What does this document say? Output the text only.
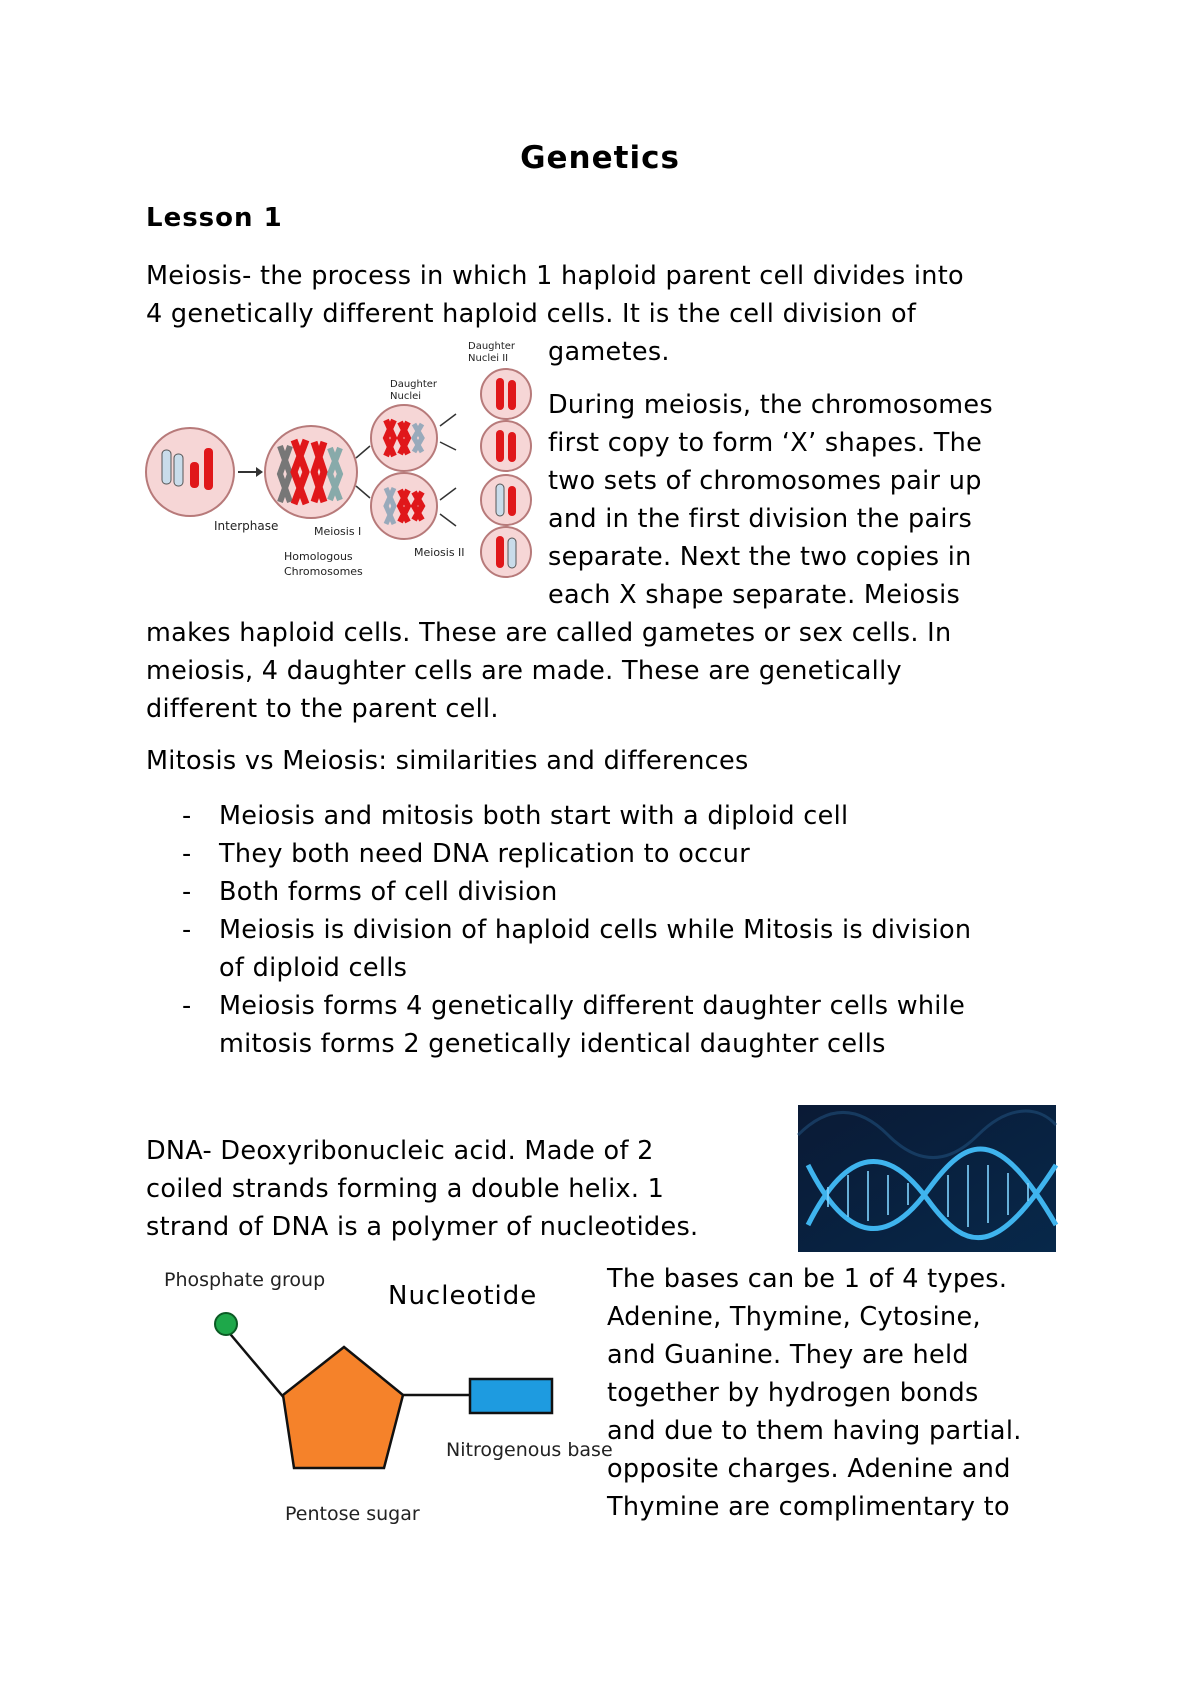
Genetics
Lesson 1
Meiosis- the process in which 1 haploid parent cell divides into
4 genetically different haploid cells. It is the cell division of
gametes.
Interphase	Meiosis I
Meiosis II
Homologous
Chromosomes
Daughter
Nuclei
Daughter
Nuclei II
During meiosis, the chromosomes
first copy to form ‘X’ shapes. The
two sets of chromosomes pair up
and in the first division the pairs
separate. Next the two copies in
each X shape separate. Meiosis
makes haploid cells. These are called gametes or sex cells. In
meiosis, 4 daughter cells are made. These are genetically
different to the parent cell.
Mitosis vs Meiosis: similarities and differences
- Meiosis and mitosis both start with a diploid cell
- They both need DNA replication to occur
- Both forms of cell division
- Meiosis is division of haploid cells while Mitosis is division
of diploid cells
- Meiosis forms 4 genetically different daughter cells while
mitosis forms 2 genetically identical daughter cells
DNA- Deoxyribonucleic acid. Made of 2
coiled strands forming a double helix. 1
strand of DNA is a polymer of nucleotides.
Phosphate group
Nitrogenous base
Pentose sugar
Nucleotide
The bases can be 1 of 4 types.
Adenine, Thymine, Cytosine,
and Guanine. They are held
together by hydrogen bonds
and due to them having partial.
opposite charges. Adenine and
Thymine are complimentary to
